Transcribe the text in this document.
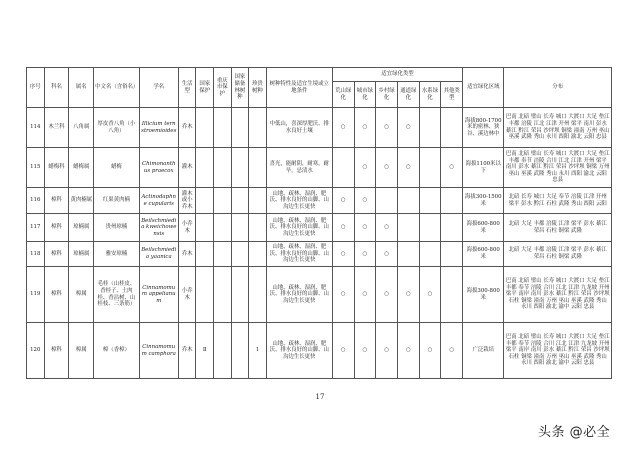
序号	科名	属名	中文名（含俗名）	学名	生活型	国家保护	重庆市保护	国家储备林树种	珍贵树种	树种特性及适宜生境或立地条件	适宜绿化类型						适宜绿化区域	分布
											荒山绿化	城市绿化	乡村绿化	通道绿化	水系绿化	其他类型		
114	木兰科	八角属	厚皮香八角（小八角）	Illicium ternstroemioides	乔木					中低山，喜深厚肥沃、排水良好土壤	○	○	○	○			海拔800-1700米的密林、狭谷、溪边林中	巴南 北碚 璧山 长寿 城口 大渡口 大足 垫江 丰都 涪陵 江北 江津 开州 梁平 南川 彭水 綦江 黔江 荣昌 沙坪坝 铜梁 潼南 万州 巫山 巫溪 武隆 秀山 永川 酉阳 渝北 云阳 忠县
115	蜡梅科	蜡梅属	蜡梅	Chimonanthus praecox	灌木					喜光，能耐阴，耐寒，耐旱，忌渍水		○	○	○		○	海拔1100米以下	巴南 北碚 璧山 长寿 城口 大渡口 大足 垫江 丰都 奉节 涪陵 合川 江北 江津 开州 梁平 南川 彭水 綦江 黔江 荣昌 沙坪坝 铜梁 万州 巫山 巫溪 武隆 秀山 永川 酉阳 渝北 云阳 忠县
116	樟科	黄肉楠属	红果黄肉楠	Actinodaphne cupularis	灌木或小乔木					山地、疏林、湿润、肥沃、排水良好的山脚、山沟边生长更快	○	○					海拔300-1500米	北碚 长寿 城口 大足 奉节 涪陵 江津 开州 梁平 彭水 黔江 石柱 武隆 秀山 酉阳 云阳
117	樟科	琼楠属	贵州琼楠	Beilschmiedia kweichowensis	小乔木					山地、疏林、湿润、肥沃、排水良好的山脚、山沟边生长更快	○	○	○				海拔600-800米	北碚 大足 丰都 涪陵 江津 梁平 彭水 綦江 荣昌 石柱 铜梁 武隆
118	樟科	琼楠属	雅安琼楠	Beilschmiedia yaanica	乔木					山地、疏林、湿润、肥沃、排水良好的山脚、山沟边生长更快	○	○	○				海拔600-800米	北碚 大足 丰都 涪陵 江津 梁平 彭水 綦江 荣昌 石柱 铜梁 武隆
119	樟科	樟属	毛桂（山桂皮、香桂子、土肉桂、香沾树、山桂枝、三条筋）	Cinnamomum appelianum	小乔木					山地、疏林、湿润、肥沃、排水良好的山脚、山沟边生长更快	○	○	○	○	○		海拔300-800米	巴南 北碚 璧山 长寿 城口 大渡口 大足 垫江 丰都 奉节 涪陵 合川 江北 江津 九龙坡 开州 梁平 南岸 南川 彭水 綦江 黔江 荣昌 沙坪坝 石柱 铜梁 潼南 万州 巫山 巫溪 武隆 秀山 永川 酉阳 渝北 渝中 云阳 忠县
120	樟科	樟属	樟（香樟）	Cinnamomum camphora	乔木	Ⅱ			1	山地、疏林、湿润、肥沃、排水良好的山脚、山沟边生长更快	○	○	○	○	○	○	广泛栽培	巴南 北碚 璧山 长寿 城口 大渡口 大足 垫江 丰都 奉节 涪陵 合川 江北 江津 九龙坡 开州 梁平 南岸 南川 彭水 綦江 黔江 荣昌 沙坪坝 石柱 铜梁 潼南 万州 巫山 巫溪 武隆 秀山 永川 酉阳 渝北 渝中 云阳 忠县
17
头条 @必全
